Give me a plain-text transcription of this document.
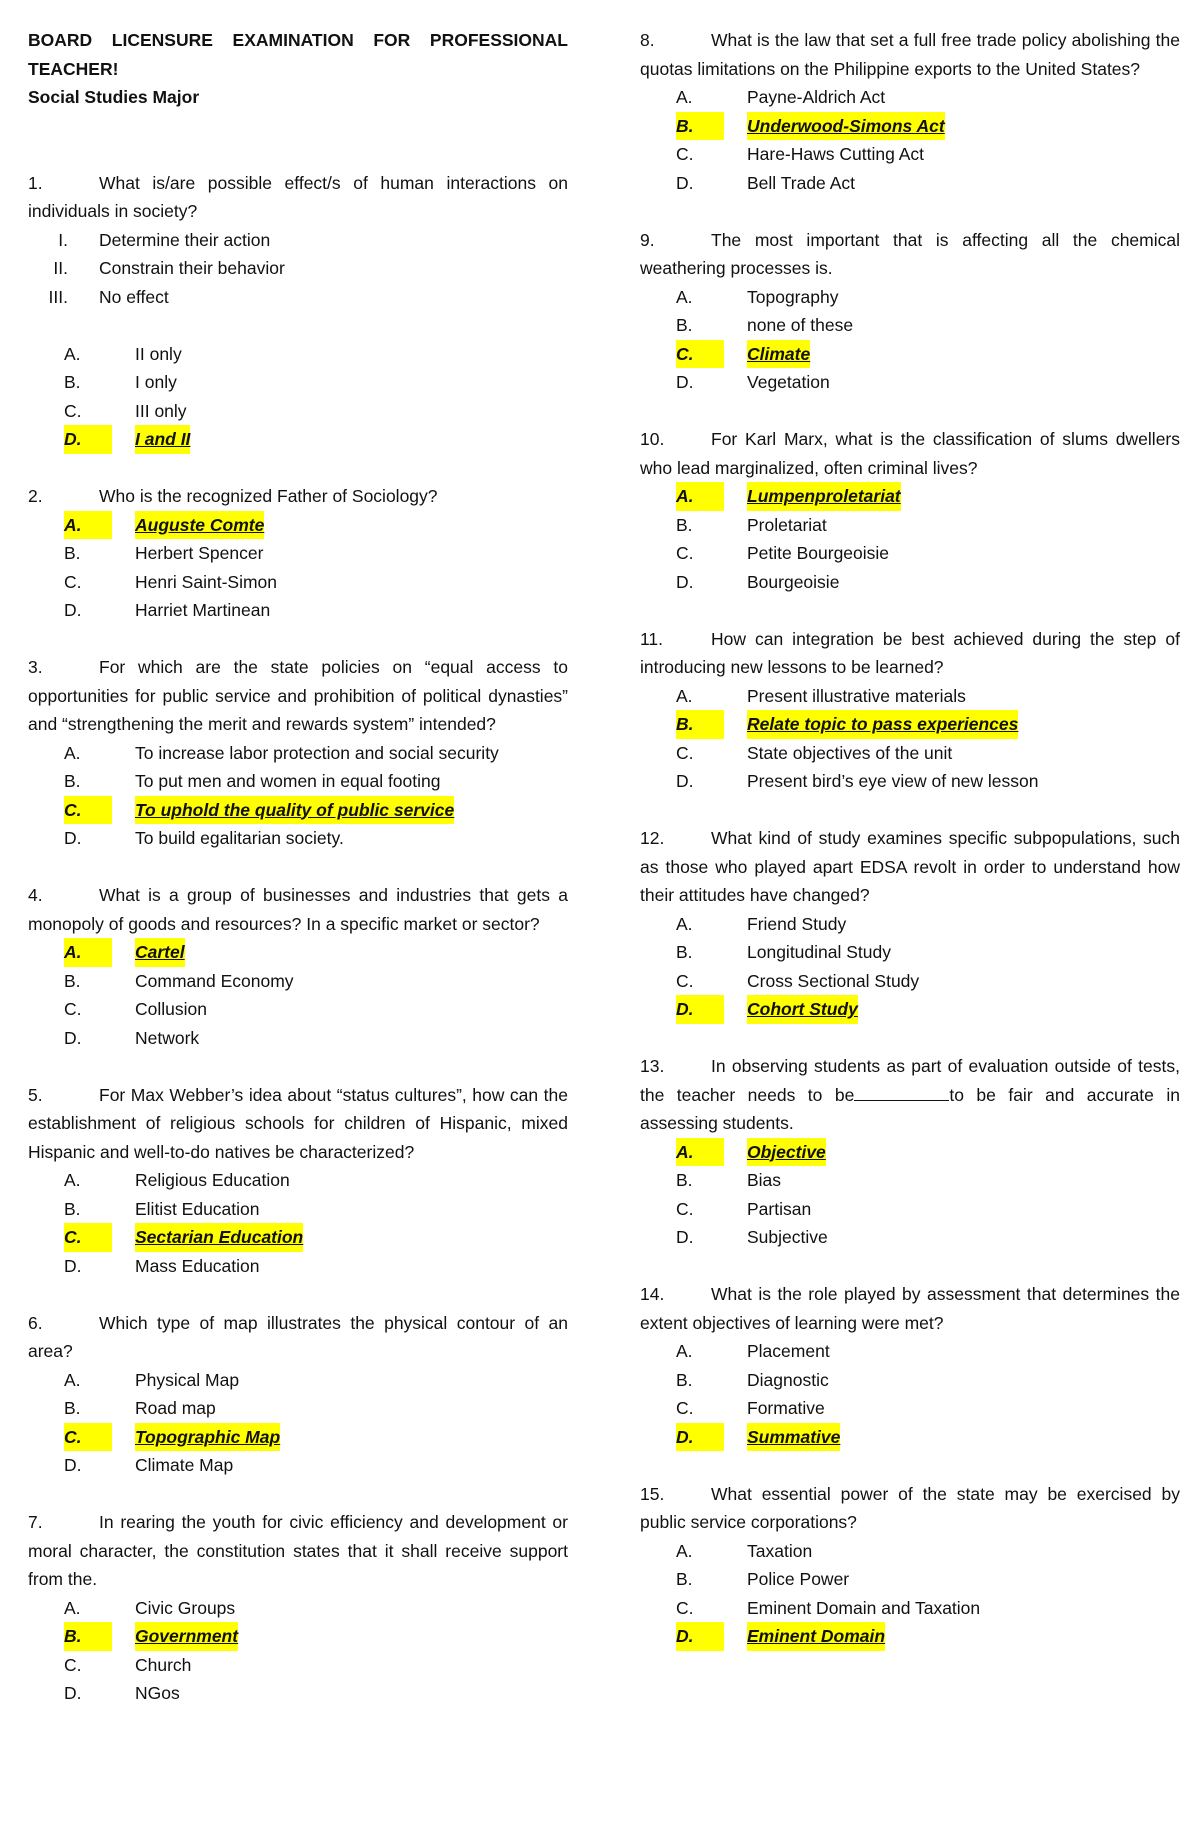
BOARD LICENSURE EXAMINATION FOR PROFESSIONAL
TEACHER!
Social Studies Major
1.	What is/are possible effect/s of human interactions on individuals in society?
I. Determine their action
II. Constrain their behavior
III. No effect
A.	II only
B.	I only
C.	III only
D.	I and II
2.	Who is the recognized Father of Sociology?
A.	Auguste Comte
B.	Herbert Spencer
C.	Henri Saint-Simon
D.	Harriet Martinean
3.	For which are the state policies on “equal access to opportunities for public service and prohibition of political dynasties” and “strengthening the merit and rewards system” intended?
A.	To increase labor protection and social security
B.	To put men and women in equal footing
C.	To uphold the quality of public service
D.	To build egalitarian society.
4.	What is a group of businesses and industries that gets a monopoly of goods and resources? In a specific market or sector?
A.	Cartel
B.	Command Economy
C.	Collusion
D.	Network
5.	For Max Webber’s idea about “status cultures”, how can the establishment of religious schools for children of Hispanic, mixed Hispanic and well-to-do natives be characterized?
A.	Religious Education
B.	Elitist Education
C.	Sectarian Education
D.	Mass Education
6.	Which type of map illustrates the physical contour of an area?
A.	Physical Map
B.	Road map
C.	Topographic Map
D.	Climate Map
7.	In rearing the youth for civic efficiency and development or moral character, the constitution states that it shall receive support from the.
A.	Civic Groups
B.	Government
C.	Church
D.	NGos
8.	What is the law that set a full free trade policy abolishing the quotas limitations on the Philippine exports to the United States?
A.	Payne-Aldrich Act
B.	Underwood-Simons Act
C.	Hare-Haws Cutting Act
D.	Bell Trade Act
9.	The most important that is affecting all the chemical weathering processes is.
A.	Topography
B.	none of these
C.	Climate
D.	Vegetation
10.	For Karl Marx, what is the classification of slums dwellers who lead marginalized, often criminal lives?
A.	Lumpenproletariat
B.	Proletariat
C.	Petite Bourgeoisie
D.	Bourgeoisie
11.	How can integration be best achieved during the step of introducing new lessons to be learned?
A.	Present illustrative materials
B.	Relate topic to pass experiences
C.	State objectives of the unit
D.	Present bird’s eye view of new lesson
12.	What kind of study examines specific subpopulations, such as those who played apart EDSA revolt in order to understand how their attitudes have changed?
A.	Friend Study
B.	Longitudinal Study
C.	Cross Sectional Study
D.	Cohort Study
13.	In observing students as part of evaluation outside of tests, the teacher needs to be	to be fair and accurate in assessing students.
A.	Objective
B.	Bias
C.	Partisan
D.	Subjective
14.	What is the role played by assessment that determines the extent objectives of learning were met?
A.	Placement
B.	Diagnostic
C.	Formative
D.	Summative
15.	What essential power of the state may be exercised by public service corporations?
A.	Taxation
B.	Police Power
C.	Eminent Domain and Taxation
D.	Eminent Domain
